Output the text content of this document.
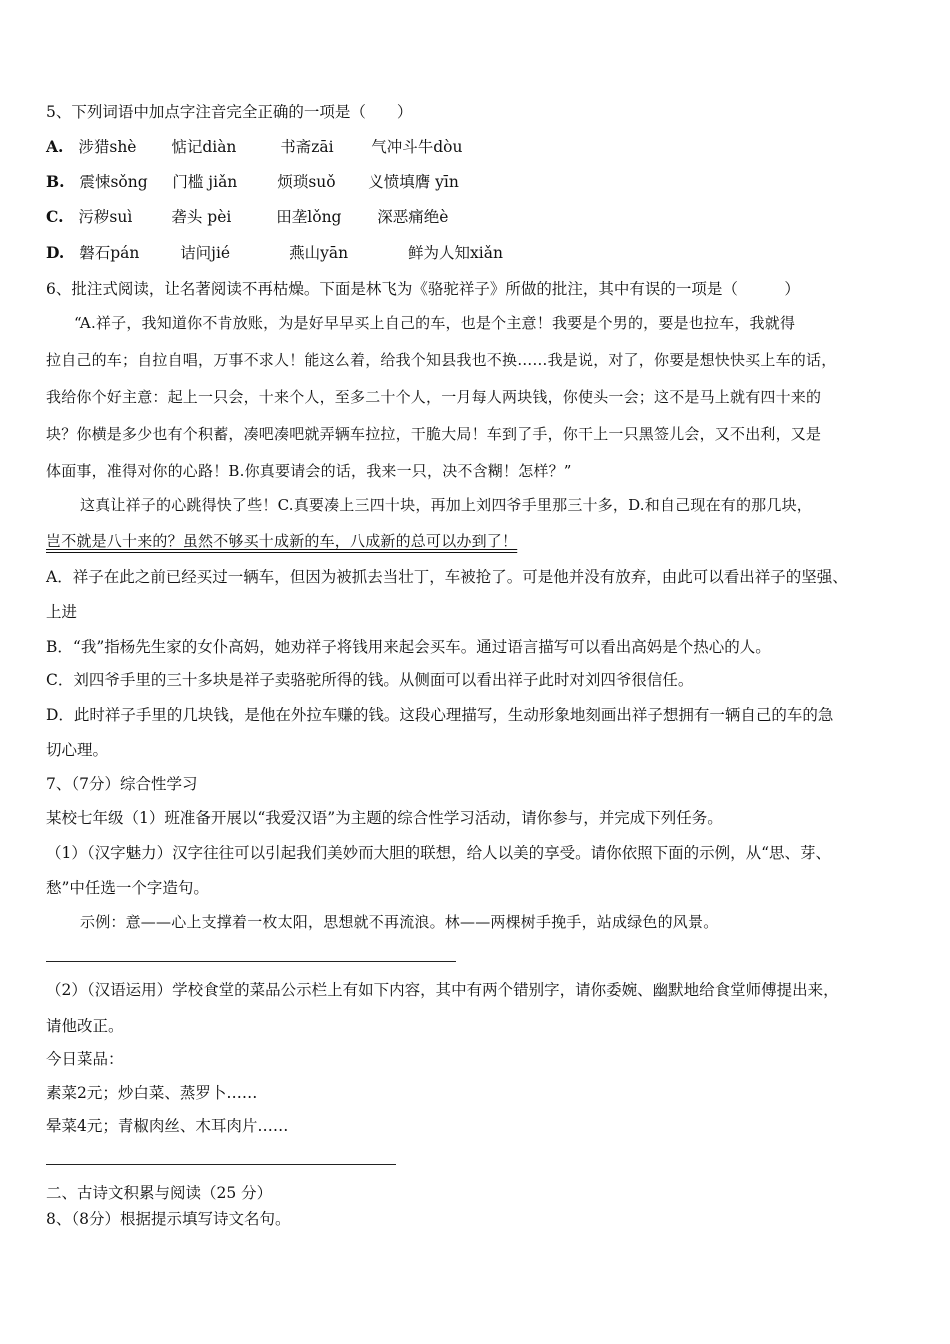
5、下列词语中加点字注音完全正确的一项是（　　）
A. 涉猎shè 惦记diàn	书斋zāi 气冲斗牛dòu
B. 震悚sǒng 门槛 jiǎn	烦琐suǒ 义愤填膺 yīn
C. 污秽suì	砻头 pèi	田垄lǒng 深恶痛绝è
D. 磐石pán	诘问jié	燕山yān	鲜为人知xiǎn
6、批注式阅读，让名著阅读不再枯燥。下面是林飞为《骆驼祥子》所做的批注，其中有误的一项是（　　　）
“A.祥子，我知道你不肯放账，为是好早早买上自己的车，也是个主意！我要是个男的，要是也拉车，我就得
拉自己的车；自拉自唱，万事不求人！能这么着，给我个知县我也不换……我是说，对了，你要是想快快买上车的话，
我给你个好主意：起上一只会，十来个人，至多二十个人，一月每人两块钱，你使头一会；这不是马上就有四十来的
块？你横是多少也有个积蓄，凑吧凑吧就弄辆车拉拉，干脆大局！车到了手，你干上一只黑签儿会，又不出利，又是
体面事，准得对你的心路！B.你真要请会的话，我来一只，决不含糊！怎样？”
这真让祥子的心跳得快了些！C.真要凑上三四十块，再加上刘四爷手里那三十多，D.和自己现在有的那几块，
岂不就是八十来的？虽然不够买十成新的车，八成新的总可以办到了！
A．祥子在此之前已经买过一辆车，但因为被抓去当壮丁，车被抢了。可是他并没有放弃，由此可以看出祥子的坚强、
上进
B．“我”指杨先生家的女仆高妈，她劝祥子将钱用来起会买车。通过语言描写可以看出高妈是个热心的人。
C．刘四爷手里的三十多块是祥子卖骆驼所得的钱。从侧面可以看出祥子此时对刘四爷很信任。
D．此时祥子手里的几块钱，是他在外拉车赚的钱。这段心理描写，生动形象地刻画出祥子想拥有一辆自己的车的急
切心理。
7、（7分）综合性学习
某校七年级（1）班准备开展以“我爱汉语”为主题的综合性学习活动，请你参与，并完成下列任务。
（1）（汉字魅力）汉字往往可以引起我们美妙而大胆的联想，给人以美的享受。请你依照下面的示例，从“思、芽、
愁”中任选一个字造句。
示例：意——心上支撑着一枚太阳，思想就不再流浪。林——两棵树手挽手，站成绿色的风景。
（2）（汉语运用）学校食堂的菜品公示栏上有如下内容，其中有两个错别字，请你委婉、幽默地给食堂师傅提出来，
请他改正。
今日菜品：
素菜2元；炒白菜、蒸罗卜……
晕菜4元；青椒肉丝、木耳肉片……
二、古诗文积累与阅读（25 分）
8、（8分）根据提示填写诗文名句。
